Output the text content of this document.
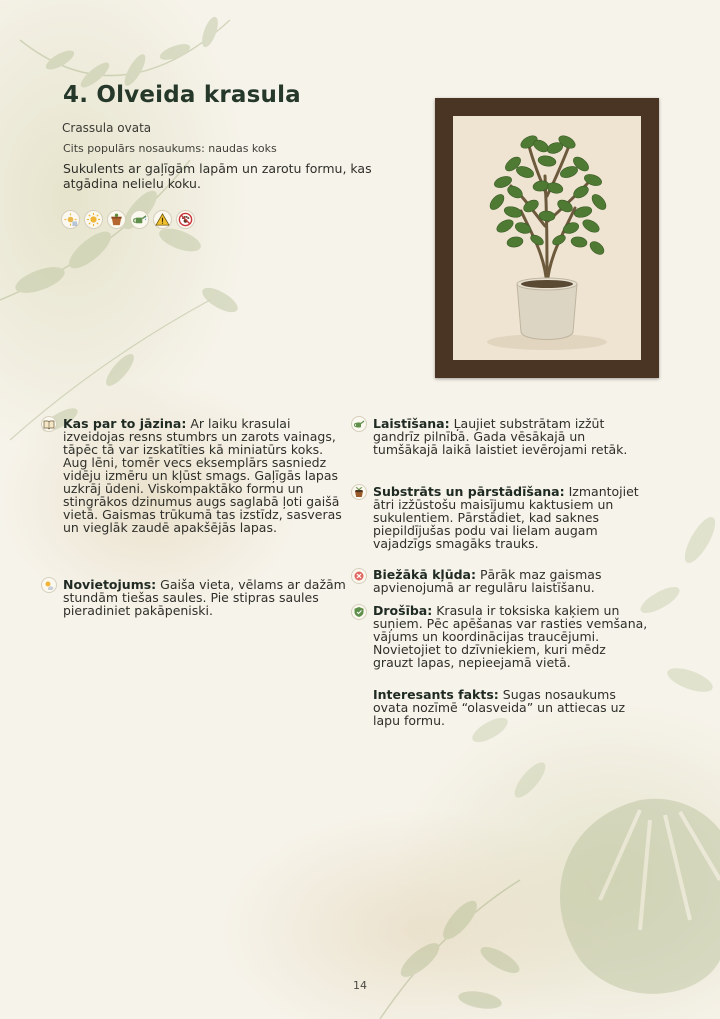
4. Olveida krasula
Crassula ovata
Cits populārs nosaukums: naudas koks
Sukulents ar gaļīgām lapām un zarotu formu, kas atgādina nelielu koku.
Kas par to jāzina: Ar laiku krasulai izveidojas resns stumbrs un zarots vainags, tāpēc tā var izskatīties kā miniatūrs koks. Aug lēni, tomēr vecs eksemplārs sasniedz vidēju izmēru un kļūst smags. Gaļīgās lapas uzkrāj ūdeni. Viskompaktāko formu un stingrākos dzinumus augs saglabā ļoti gaišā vietā. Gaismas trūkumā tas izstīdz, sasveras un vieglāk zaudē apakšējās lapas.
Novietojums: Gaiša vieta, vēlams ar dažām stundām tiešas saules. Pie stipras saules pieradiniet pakāpeniski.
Laistīšana: Ļaujiet substrātam izžūt gandrīz pilnībā. Gada vēsākajā un tumšākajā laikā laistiet ievērojami retāk.
Substrāts un pārstādīšana: Izmantojiet ātri izžūstošu maisījumu kaktusiem un sukulentiem. Pārstādiet, kad saknes piepildījušas podu vai lielam augam vajadzīgs smagāks trauks.
Biežākā kļūda: Pārāk maz gaismas apvienojumā ar regulāru laistīšanu.
Drošība: Krasula ir toksiska kaķiem un suņiem. Pēc apēšanas var rasties vemšana, vājums un koordinācijas traucējumi. Novietojiet to dzīvniekiem, kuri mēdz grauzt lapas, nepieejamā vietā.
Interesants fakts: Sugas nosaukums ovata nozīmē “olasveida” un attiecas uz lapu formu.
14
